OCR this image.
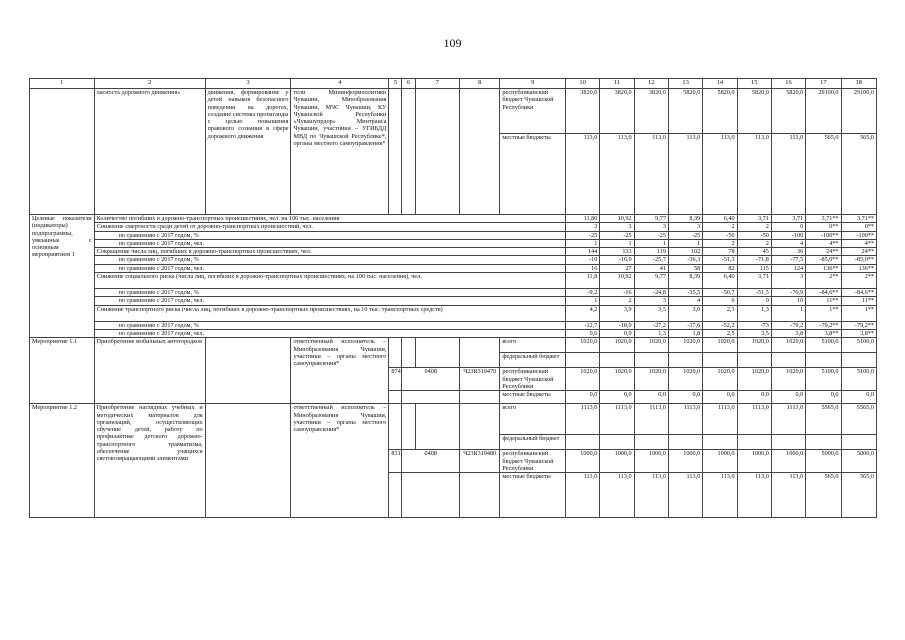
109
1	2	3	4	5	6	7	8	9	10	11	12	13	14	15	16	17	18
	ласность дорожного движения»	движения, формирование у детей навыков безопасного поведения на дорогах, создание системы пропаганды с целью повышения правового сознания в сфере дорожного движения	тели Мининформполитики Чувашии, Минобразования Чувашии, МЧС Чувашии, КУ Чувашской Республики «Чувашупрдор» Минтранса Чувашии, участники – УГИБДД МВД по Чувашской Республике*, органы местного самоуправления*					республиканский бюджет Чувашской Республики	3820,0	3820,0	3820,0	5820,0	5820,0	5820,0	5820,0	29100,0	29100,0
								местные бюджеты	113,0	113,0	113,0	113,0	113,0	113,0	113,0	565,0	565,0
Целевые показатели (индикаторы) подпрограммы, увязанные с основным мероприятием 1	Количество погибших в дорожно-транспортных происшествиях, чел. на 100 тыс. населения								11,80	10,92	9,77	8,39	6,40	3,71	3,71	3,71**	3,71**
	Снижение смертности среди детей от дорожно-транспортных происшествий, чел.								3	3	3	3	2	2	0	0**	0**
	по сравнению с 2017 годом, %								-25	-25	-25	-25	-50	-50	-100	-100**	-100**
	по сравнению с 2017 годом, чел.								1	1	1	1	2	2	4	4**	4**
	Сокращение числа лиц, погибших в дорожно-транспортных происшествиях, чел.								144	133	119	102	78	45	36	24**	24**
	по сравнению с 2017 годом, %								-10	-16,9	-25,7	-36,3	-51,3	-71,8	-77,5	-85,0**	-85,0**
	по сравнению с 2017 годом, чел.								16	27	41	58	82	115	124	136**	136**
	Снижение социального риска (числа лиц, погибших в дорожно-транспортных происшествиях, на 100 тыс. населения), чел.								11,8	10,92	9,77	8,39	6,40	3,71	3	2**	2**
	по сравнению с 2017 годом, %								-9,2	-16	-24,8	-35,5	-50,7	-51,5	-76,9	-84,6**	-84,6**
	по сравнению с 2017 годом, чел.								1	2	3	4	6	9	10	11**	11**
	Снижение транспортного риска (числа лиц, погибших в дорожно-транспортных происшествиях, на 10 тыс. транспортных средств)								4,2	3,9	3,5	3,0	2,3	1,3	1	1**	1**
	по сравнению с 2017 годом, %								-12,7	-18,9	-27,2	-37,6	-52,2	-73	-79,2	-79,2**	-79,2**
	по сравнению с 2017 годом, чел.								0,6	0,9	1,3	1,8	2,5	3,5	3,8	3,8**	3,8**
Мероприятие 1.1	Приобретение мобильных автогородков		ответственный исполнитель – Минобразования Чувашии, участники – органы местного самоуправления*					всего	1020,0	1020,0	1020,0	1020,0	1020,0	1020,0	1020,0	5100,0	5100,0
								федеральный бюджет									
				874	0408		Ч23R319470	республиканский бюджет Чувашской Республики	1020,0	1020,0	1020,0	1020,0	1020,0	1020,0	1020,0	5100,0	5100,0
								местные бюджеты	0,0	0,0	0,0	0,0	0,0	0,0	0,0	0,0	0,0
Мероприятие 1.2	Приобретение наглядных учебных и методических материалов для организаций, осуществляющих обучение детей, работу по профилактике детского дорожно-транспортного травматизма, обеспечение учащихся световозвращающими элементами		ответственный исполнитель – Минобразования Чувашии, участники – органы местного самоуправления*					всего	1113,0	1113,0	1113,0	1113,0	1113,0	1113,0	1113,0	5565,0	5565,0
								федеральный бюджет									
				831	0408		Ч23R319480	республиканский бюджет Чувашской Республики	1000,0	1000,0	1000,0	1000,0	1000,0	1000,0	1000,0	5000,0	5000,0
								местные бюджеты	113,0	113,0	113,0	113,0	113,0	113,0	113,0	565,0	565,0
